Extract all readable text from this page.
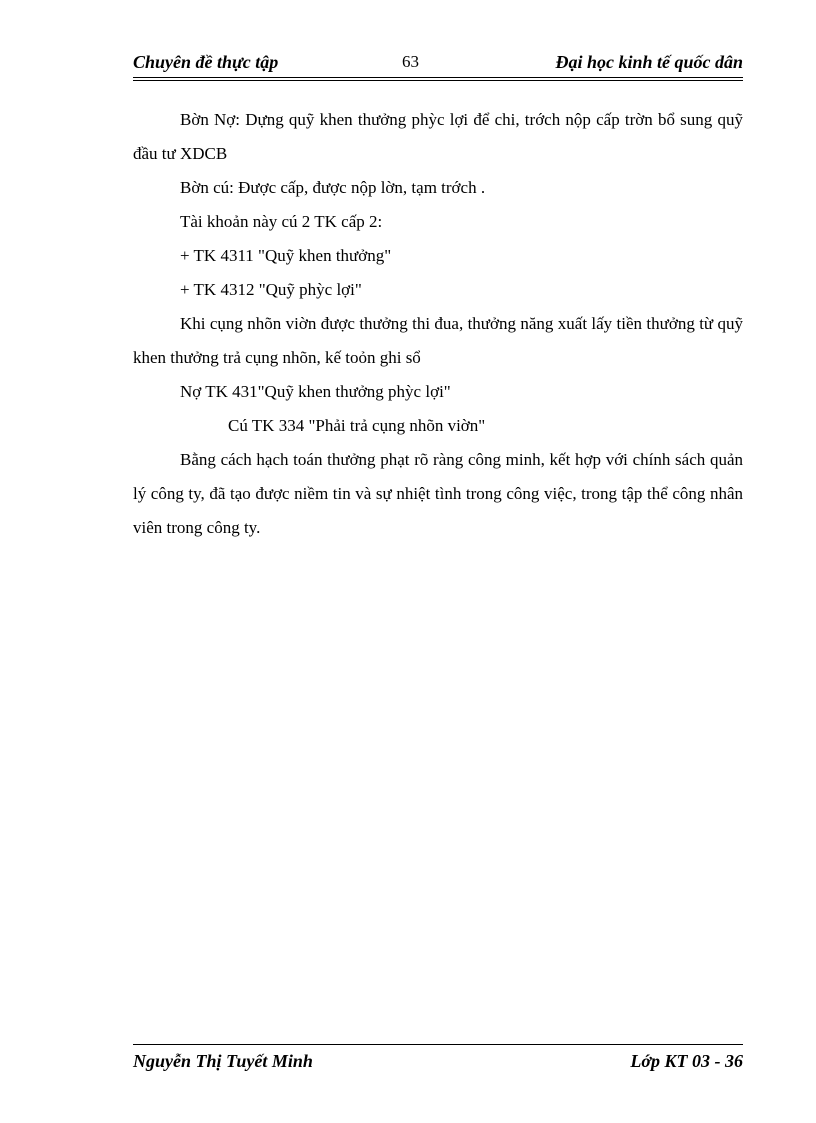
Chuyên đề thực tập	63	Đại học kinh tế quốc dân

Bờn Nợ: Dựng quỹ khen thưởng phỳc lợi để chi, trớch nộp cấp trờn bổ sung quỹ đầu tư XDCB

Bờn cú: Được cấp, được nộp lờn, tạm trớch .

Tài khoản này cú 2 TK cấp 2:

+ TK 4311 "Quỹ khen thưởng"

+ TK 4312 "Quỹ phỳc lợi"

Khi cụng nhõn viờn được thưởng thi đua, thưởng năng xuất lấy tiền thưởng từ quỹ khen thưởng trả cụng nhõn, kế toỏn ghi sổ

Nợ TK 431"Quỹ khen thưởng phỳc lợi"

Cú TK 334 "Phải trả cụng nhõn viờn"

Bằng cách hạch toán thưởng phạt rõ ràng công minh, kết hợp với chính sách quản lý công ty, đã tạo được niềm tin và sự nhiệt tình trong công việc, trong tập thể công nhân viên trong công ty.

Nguyễn Thị Tuyết Minh	Lớp KT 03 - 36
